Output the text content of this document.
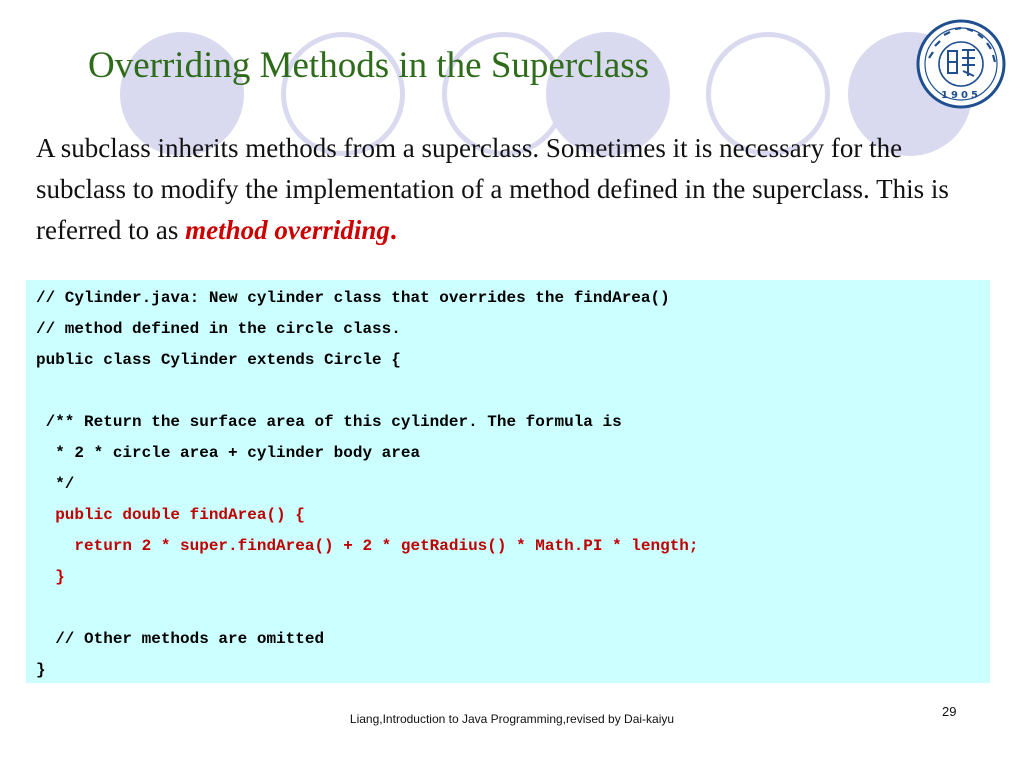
Overriding Methods in the Superclass
1905

A subclass inherits methods from a superclass. Sometimes it is necessary for the subclass to modify the implementation of a method defined in the superclass. This is referred to as method overriding.

// Cylinder.java: New cylinder class that overrides the findArea()
// method defined in the circle class.
public class Cylinder extends Circle {
/** Return the surface area of this cylinder. The formula is
* 2 * circle area + cylinder body area
*/
public double findArea() {
return 2 * super.findArea() + 2 * getRadius() * Math.PI * length;
}
// Other methods are omitted
}
Liang,Introduction to Java Programming,revised by Dai-kaiyu	29
